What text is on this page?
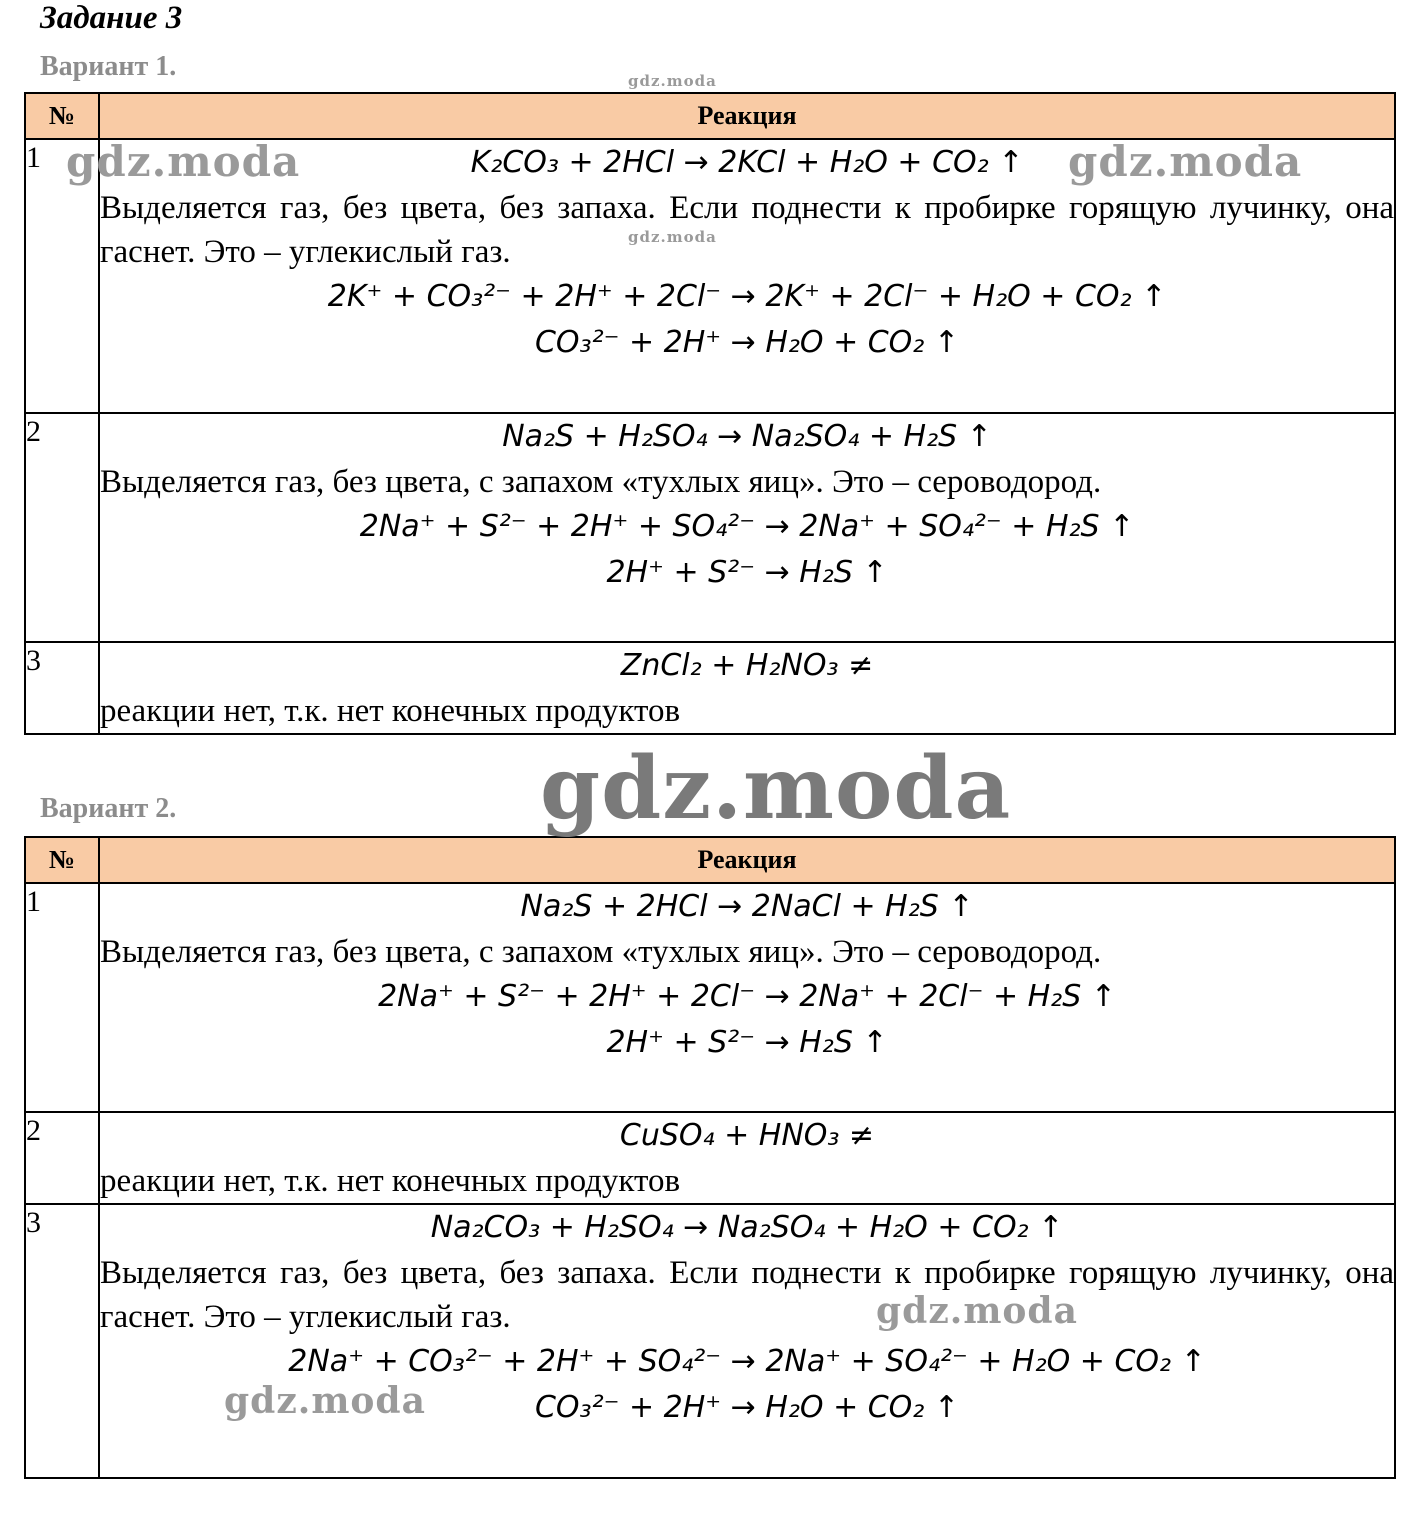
Задание 3
Вариант 1.
№	Реакция
1	K₂CO₃ + 2HCl → 2KCl + H₂O + CO₂ ↑
Выделяется газ, без цвета, без запаха. Если поднести к пробирке горящую лучинку, она гаснет. Это – углекислый газ.
2K⁺ + CO₃²⁻ + 2H⁺ + 2Cl⁻ → 2K⁺ + 2Cl⁻ + H₂O + CO₂ ↑
CO₃²⁻ + 2H⁺ → H₂O + CO₂ ↑

2	Na₂S + H₂SO₄ → Na₂SO₄ + H₂S ↑
Выделяется газ, без цвета, с запахом «тухлых яиц». Это – сероводород.
2Na⁺ + S²⁻ + 2H⁺ + SO₄²⁻ → 2Na⁺ + SO₄²⁻ + H₂S ↑
2H⁺ + S²⁻ → H₂S ↑

3	ZnCl₂ + H₂NO₃ ≠
реакции нет, т.к. нет конечных продуктов
Вариант 2.
№	Реакция
1	Na₂S + 2HCl → 2NaCl + H₂S ↑
Выделяется газ, без цвета, с запахом «тухлых яиц». Это – сероводород.
2Na⁺ + S²⁻ + 2H⁺ + 2Cl⁻ → 2Na⁺ + 2Cl⁻ + H₂S ↑
2H⁺ + S²⁻ → H₂S ↑

2	CuSO₄ + HNO₃ ≠
реакции нет, т.к. нет конечных продуктов

3	Na₂CO₃ + H₂SO₄ → Na₂SO₄ + H₂O + CO₂ ↑
Выделяется газ, без цвета, без запаха. Если поднести к пробирке горящую лучинку, она гаснет. Это – углекислый газ.
2Na⁺ + CO₃²⁻ + 2H⁺ + SO₄²⁻ → 2Na⁺ + SO₄²⁻ + H₂O + CO₂ ↑
CO₃²⁻ + 2H⁺ → H₂O + CO₂ ↑
gdz.moda
gdz.moda	gdz.moda
gdz.moda
gdz.moda
gdz.moda
gdz.moda
